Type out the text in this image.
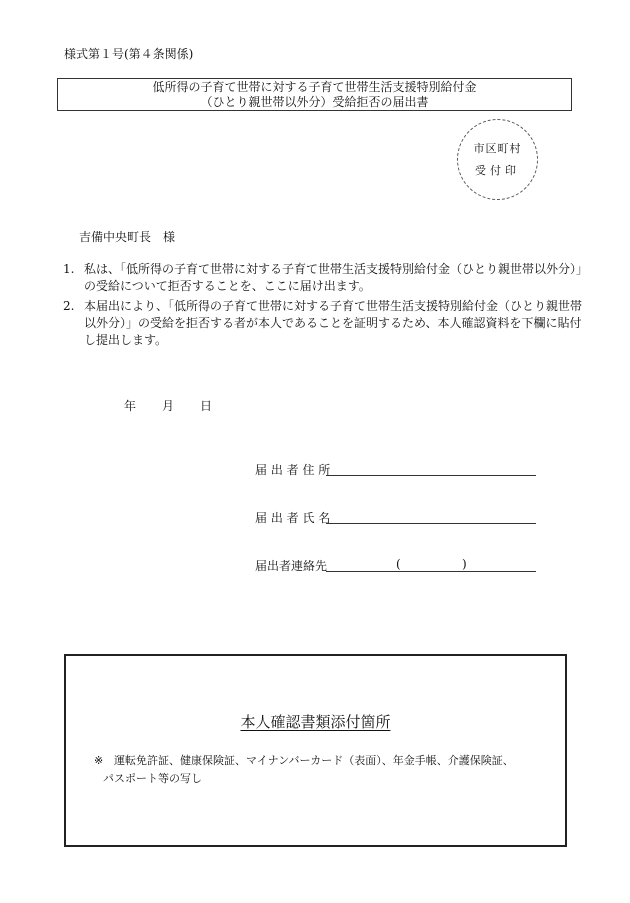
様式第１号(第４条関係)
低所得の子育て世帯に対する子育て世帯生活支援特別給付金
（ひとり親世帯以外分）受給拒否の届出書
市区町村
受付印
吉備中央町長　様
1. 私は、「低所得の子育て世帯に対する子育て世帯生活支援特別給付金（ひとり親世帯以外分）」の受給について拒否することを、ここに届け出ます。
2. 本届出により、「低所得の子育て世帯に対する子育て世帯生活支援特別給付金（ひとり親世帯以外分）」の受給を拒否する者が本人であることを証明するため、本人確認資料を下欄に貼付し提出します。
年 月 日
届 出 者 住 所
届 出 者 氏 名
届出者連絡先	(	)
本人確認書類添付箇所
※ 運転免許証、健康保険証、マイナンバーカード（表面）、年金手帳、介護保険証、
パスポート等の写し
